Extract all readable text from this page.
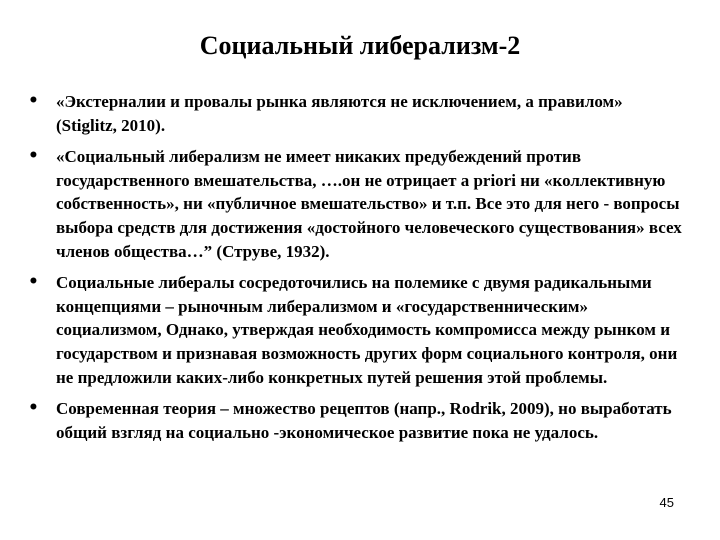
Социальный либерализм-2
• «Экстерналии и провалы рынка являются не исключением, а правилом» (Stiglitz, 2010).
• «Социальный либерализм не имеет никаких предубеждений против государственного вмешательства, ….он не отрицает a priori ни «коллективную собственность», ни «публичное вмешательство» и т.п. Все это для него - вопросы выбора средств для достижения «достойного человеческого существования» всех членов общества…” (Струве, 1932).
• Социальные либералы сосредоточились на полемике с двумя радикальными концепциями – рыночным либерализмом и «государственническим» социализмом, Однако, утверждая необходимость компромисса между рынком и государством и признавая возможность других форм социального контроля, они не предложили каких-либо конкретных путей решения этой проблемы.
• Современная теория – множество рецептов (напр., Rodrik, 2009), но выработать общий взгляд на социально -экономическое развитие пока не удалось.
45
